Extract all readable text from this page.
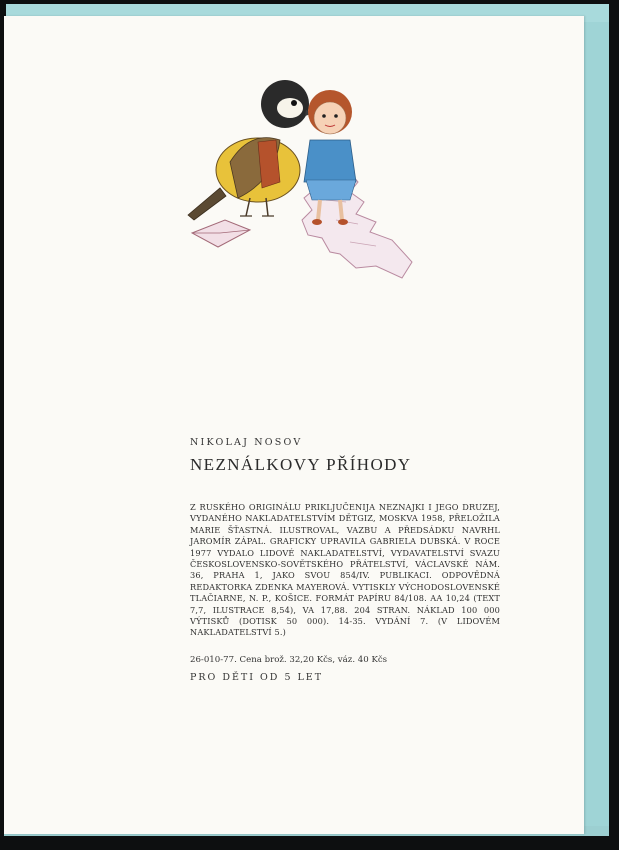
NIKOLAJ NOSOV
NEZNÁLKOVY PŘÍHODY
Z RUSKÉHO ORIGINÁLU PRIKLJUČENIJA NEZNAJKI I JEGO DRUZEJ, VYDANÉHO NAKLADATELSTVÍM DĚTGIZ, MOSKVA 1958, PŘELOŽILA MARIE ŠŤASTNÁ. ILUSTROVAL, VAZBU A PŘEDSÁDKU NAVRHL JAROMÍR ZÁPAL. GRAFICKY UPRAVILA GABRIELA DUBSKÁ. V ROCE 1977 VYDALO LIDOVÉ NAKLADATELSTVÍ, VYDAVATELSTVÍ SVAZU ČESKOSLOVENSKO-SOVĚTSKÉHO PŘÁTELSTVÍ, VÁCLAVSKÉ NÁM. 36, PRAHA 1, JAKO SVOU 854/IV. PUBLIKACI. ODPOVĚDNÁ REDAKTORKA ZDENKA MAYEROVÁ. VYTISKLY VÝCHODOSLOVENSKÉ TLAČIARNE, N. P., KOŠICE. FORMÁT PAPÍRU 84/108. AA 10,24 (TEXT 7,7, ILUSTRACE 8,54), VA 17,88. 204 STRAN. NÁKLAD 100 000 VÝTISKŮ (DOTISK 50 000). 14-35. VYDÁNÍ 7. (V LIDOVÉM NAKLADATELSTVÍ 5.)
26-010-77. Cena brož. 32,20 Kčs, váz. 40 Kčs
PRO DĚTI OD 5 LET
